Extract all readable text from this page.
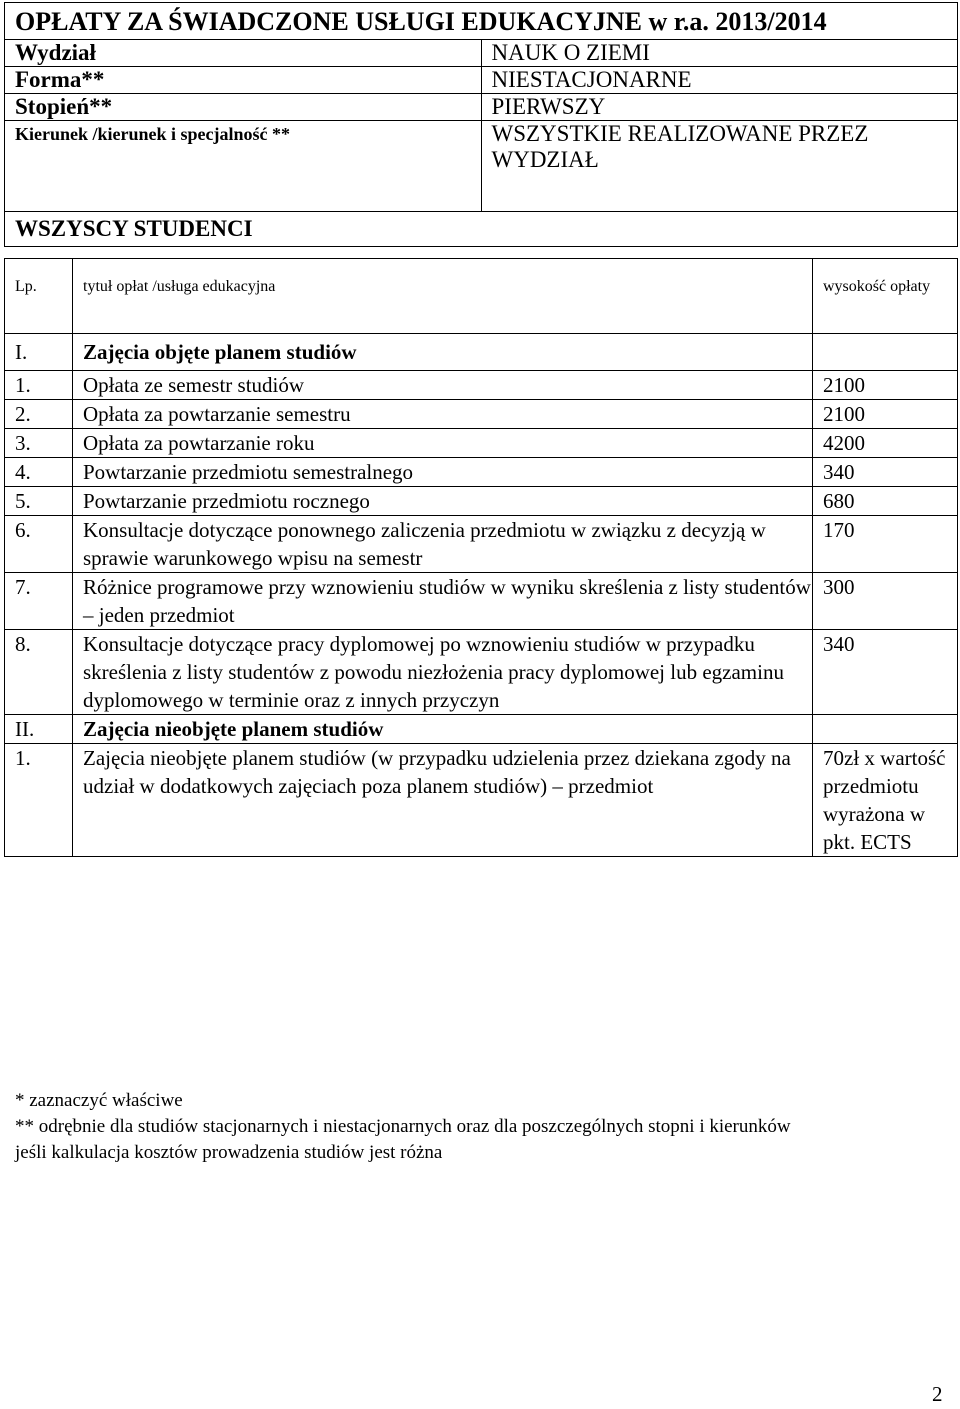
OPŁATY ZA ŚWIADCZONE USŁUGI EDUKACYJNE w r.a. 2013/2014	
Wydział	NAUK O ZIEMI
Forma**	NIESTACJONARNE
Stopień**	PIERWSZY
Kierunek /kierunek i specjalność **	WSZYSTKIE REALIZOWANE PRZEZ WYDZIAŁ
WSZYSCY STUDENCI	
Lp.	tytuł opłat /usługa edukacyjna	wysokość opłaty
I.	Zajęcia objęte planem studiów	
1.	Opłata ze semestr studiów	2100
2.	Opłata za powtarzanie semestru	2100
3.	Opłata za powtarzanie roku	4200
4.	Powtarzanie przedmiotu semestralnego	340
5.	Powtarzanie przedmiotu rocznego	680
6.	Konsultacje dotyczące ponownego zaliczenia przedmiotu w związku z decyzją w sprawie warunkowego wpisu na semestr	170
7.	Różnice programowe przy wznowieniu studiów w wyniku skreślenia z listy studentów – jeden przedmiot	300
8.	Konsultacje dotyczące pracy dyplomowej po wznowieniu studiów w przypadku skreślenia z listy studentów z powodu niezłożenia pracy dyplomowej lub egzaminu dyplomowego w terminie oraz z innych przyczyn	340
II.	Zajęcia nieobjęte planem studiów	
1.	Zajęcia nieobjęte planem studiów (w przypadku udzielenia przez dziekana zgody na udział w dodatkowych zajęciach poza planem studiów) – przedmiot	70zł x wartość przedmiotu wyrażona w pkt. ECTS
* zaznaczyć właściwe
** odrębnie dla studiów stacjonarnych i niestacjonarnych oraz dla poszczególnych stopni i kierunków
jeśli kalkulacja kosztów prowadzenia studiów jest różna
2
